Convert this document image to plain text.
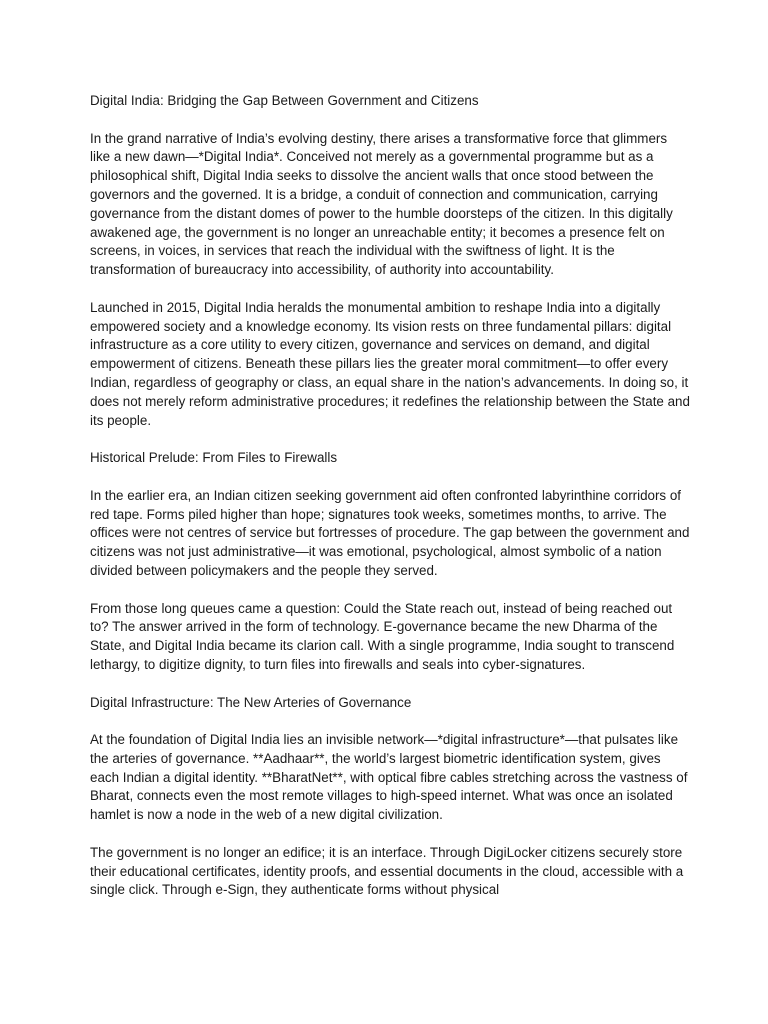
Digital India: Bridging the Gap Between Government and Citizens

In the grand narrative of India’s evolving destiny, there arises a transformative force that glimmers like a new dawn—*Digital India*. Conceived not merely as a governmental programme but as a philosophical shift, Digital India seeks to dissolve the ancient walls that once stood between the governors and the governed. It is a bridge, a conduit of connection and communication, carrying governance from the distant domes of power to the humble doorsteps of the citizen. In this digitally awakened age, the government is no longer an unreachable entity; it becomes a presence felt on screens, in voices, in services that reach the individual with the swiftness of light. It is the transformation of bureaucracy into accessibility, of authority into accountability.

Launched in 2015, Digital India heralds the monumental ambition to reshape India into a digitally empowered society and a knowledge economy. Its vision rests on three fundamental pillars: digital infrastructure as a core utility to every citizen, governance and services on demand, and digital empowerment of citizens. Beneath these pillars lies the greater moral commitment—to offer every Indian, regardless of geography or class, an equal share in the nation’s advancements. In doing so, it does not merely reform administrative procedures; it redefines the relationship between the State and its people.

Historical Prelude: From Files to Firewalls

In the earlier era, an Indian citizen seeking government aid often confronted labyrinthine corridors of red tape. Forms piled higher than hope; signatures took weeks, sometimes months, to arrive. The offices were not centres of service but fortresses of procedure. The gap between the government and citizens was not just administrative—it was emotional, psychological, almost symbolic of a nation divided between policymakers and the people they served.

From those long queues came a question: Could the State reach out, instead of being reached out to? The answer arrived in the form of technology. E-governance became the new Dharma of the State, and Digital India became its clarion call. With a single programme, India sought to transcend lethargy, to digitize dignity, to turn files into firewalls and seals into cyber-signatures.

Digital Infrastructure: The New Arteries of Governance

At the foundation of Digital India lies an invisible network—*digital infrastructure*—that pulsates like the arteries of governance. **Aadhaar**, the world’s largest biometric identification system, gives each Indian a digital identity. **BharatNet**, with optical fibre cables stretching across the vastness of Bharat, connects even the most remote villages to high-speed internet. What was once an isolated hamlet is now a node in the web of a new digital civilization.

The government is no longer an edifice; it is an interface. Through DigiLocker citizens securely store their educational certificates, identity proofs, and essential documents in the cloud, accessible with a single click. Through e-Sign, they authenticate forms without physical
